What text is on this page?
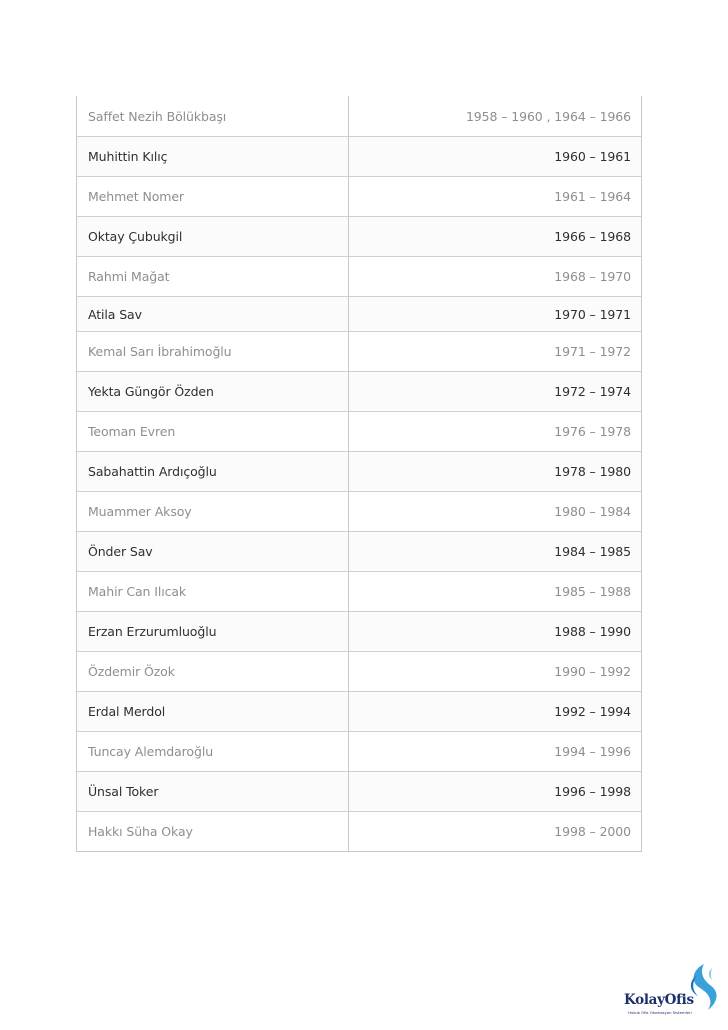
Saffet Nezih Bölükbaşı	1958 – 1960 , 1964 – 1966
Muhittin Kılıç	1960 – 1961
Mehmet Nomer	1961 – 1964
Oktay Çubukgil	1966 – 1968
Rahmi Mağat	1968 – 1970
Atila Sav	1970 – 1971
Kemal Sarı İbrahimoğlu	1971 – 1972
Yekta Güngör Özden	1972 – 1974
Teoman Evren	1976 – 1978
Sabahattin Ardıçoğlu	1978 – 1980
Muammer Aksoy	1980 – 1984
Önder Sav	1984 – 1985
Mahir Can Ilıcak	1985 – 1988
Erzan Erzurumluoğlu	1988 – 1990
Özdemir Özok	1990 – 1992
Erdal Merdol	1992 – 1994
Tuncay Alemdaroğlu	1994 – 1996
Ünsal Toker	1996 – 1998
Hakkı Süha Okay	1998 – 2000
KolayOfis
Hukuk Ofis Otomasyon Sistemleri
